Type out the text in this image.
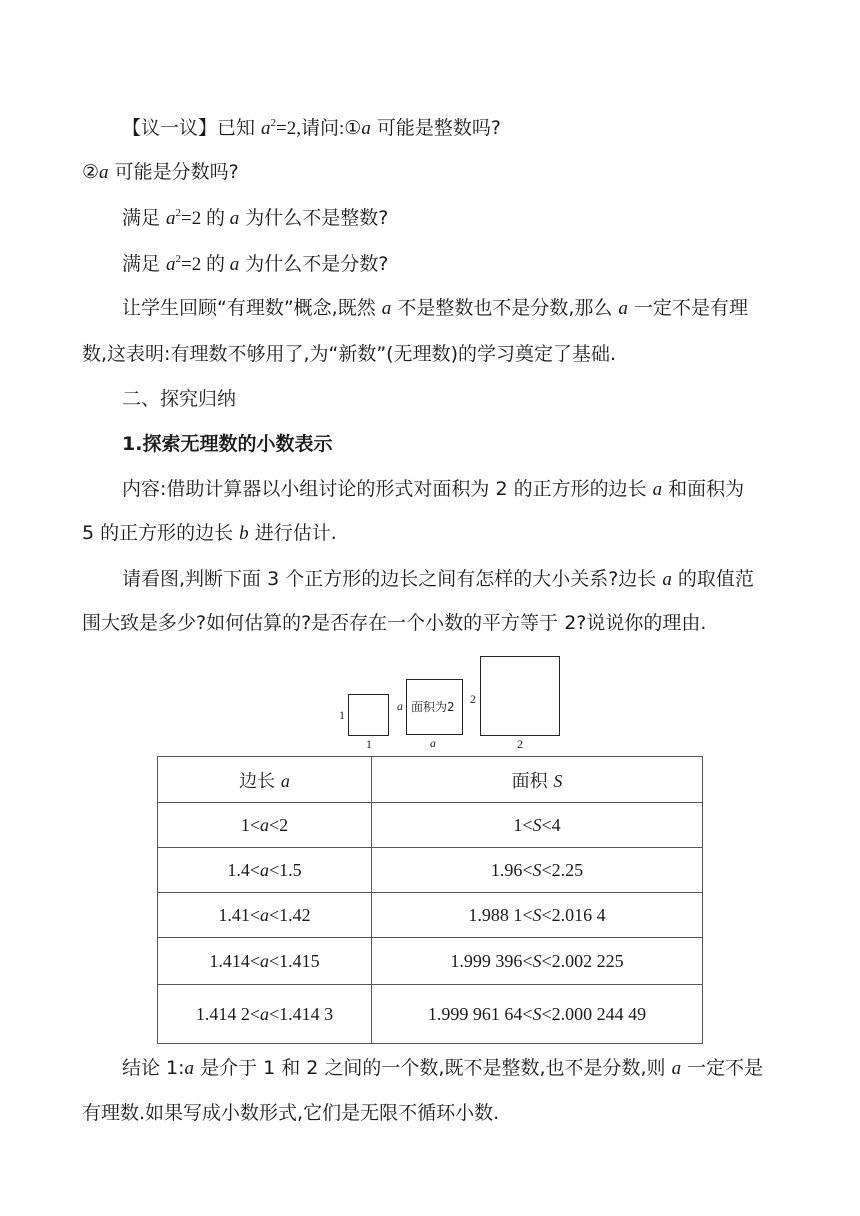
【议一议】已知 $a^2=2$,请问:①a 可能是整数吗?

②a 可能是分数吗?

满足 $a^2=2$ 的 a 为什么不是整数?

满足 $a^2=2$ 的 a 为什么不是分数?

让学生回顾“有理数”概念,既然 a 不是整数也不是分数,那么 a 一定不是有理

数,这表明:有理数不够用了,为“新数”(无理数)的学习奠定了基础.

二、探究归纳

1.探索无理数的小数表示

内容:借助计算器以小组讨论的形式对面积为 2 的正方形的边长 a 和面积为

5 的正方形的边长 b 进行估计.

请看图,判断下面 3 个正方形的边长之间有怎样的大小关系?边长 a 的取值范

围大致是多少?如何估算的?是否存在一个小数的平方等于 2?说说你的理由.

1
1
a 面积为2
a
2
2
边长 a	面积 S
1<a<2	1<S<4
1.4<a<1.5	1.96<S<2.25
1.41<a<1.42	1.988 1<S<2.016 4
1.414<a<1.415	1.999 396<S<2.002 225
1.414 2<a<1.414 3	1.999 961 64<S<2.000 244 49

结论 1:a 是介于 1 和 2 之间的一个数,既不是整数,也不是分数,则 a 一定不是

有理数.如果写成小数形式,它们是无限不循环小数.
